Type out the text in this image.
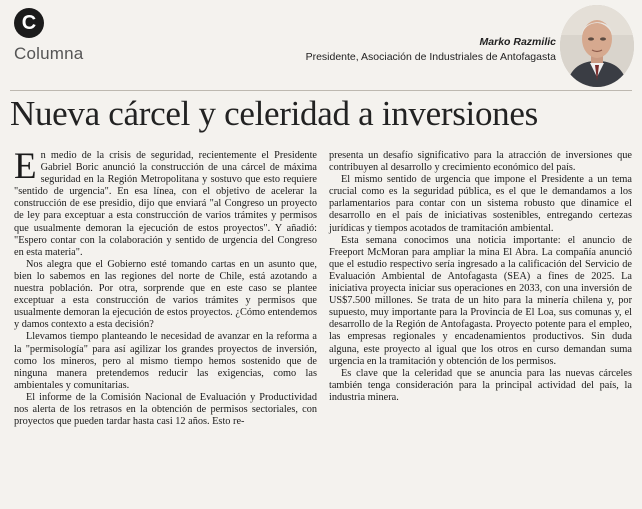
C
Columna
Marko Razmilic
Presidente, Asociación de Industriales de Antofagasta
Nueva cárcel y celeridad a inversiones

En medio de la crisis de seguridad, recientemente el Presidente Gabriel Boric anunció la construcción de una cárcel de máxima seguridad en la Región Metropolitana y sostuvo que esto requiere "sentido de urgencia". En esa línea, con el objetivo de acelerar la construcción de ese presidio, dijo que enviará "al Congreso un proyecto de ley para exceptuar a esta construcción de varios trámites y permisos que usualmente demoran la ejecución de estos proyectos". Y añadió: "Espero contar con la colaboración y sentido de urgencia del Congreso en esta materia".

Nos alegra que el Gobierno esté tomando cartas en un asunto que, bien lo sabemos en las regiones del norte de Chile, está azotando a nuestra población. Por otra, sorprende que en este caso se plantee exceptuar a esta construcción de varios trámites y permisos que usualmente demoran la ejecución de estos proyectos. ¿Cómo entendemos y damos contexto a esta decisión?

Llevamos tiempo planteando le necesidad de avanzar en la reforma a la "permisología" para así agilizar los grandes proyectos de inversión, como los mineros, pero al mismo tiempo hemos sostenido que de ninguna manera pretendemos reducir las exigencias, como las ambientales y comunitarias.

El informe de la Comisión Nacional de Evaluación y Productividad nos alerta de los retrasos en la obtención de permisos sectoriales, con proyectos que pueden tardar hasta casi 12 años. Esto re-

presenta un desafío significativo para la atracción de inversiones que contribuyen al desarrollo y crecimiento económico del país.

El mismo sentido de urgencia que impone el Presidente a un tema crucial como es la seguridad pública, es el que le demandamos a los parlamentarios para contar con un sistema robusto que dinamice el desarrollo en el país de iniciativas sostenibles, entregando certezas jurídicas y tiempos acotados de tramitación ambiental.

Esta semana conocimos una noticia importante: el anuncio de Freeport McMoran para ampliar la mina El Abra. La compañía anunció que el estudio respectivo sería ingresado a la calificación del Servicio de Evaluación Ambiental de Antofagasta (SEA) a fines de 2025. La iniciativa proyecta iniciar sus operaciones en 2033, con una inversión de US$7.500 millones. Se trata de un hito para la minería chilena y, por supuesto, muy importante para la Provincia de El Loa, sus comunas y, el desarrollo de la Región de Antofagasta. Proyecto potente para el empleo, las empresas regionales y encadenamientos productivos. Sin duda alguna, este proyecto al igual que los otros en curso demandan suma urgencia en la tramitación y obtención de los permisos.

Es clave que la celeridad que se anuncia para las nuevas cárceles también tenga consideración para la principal actividad del país, la industria minera.
